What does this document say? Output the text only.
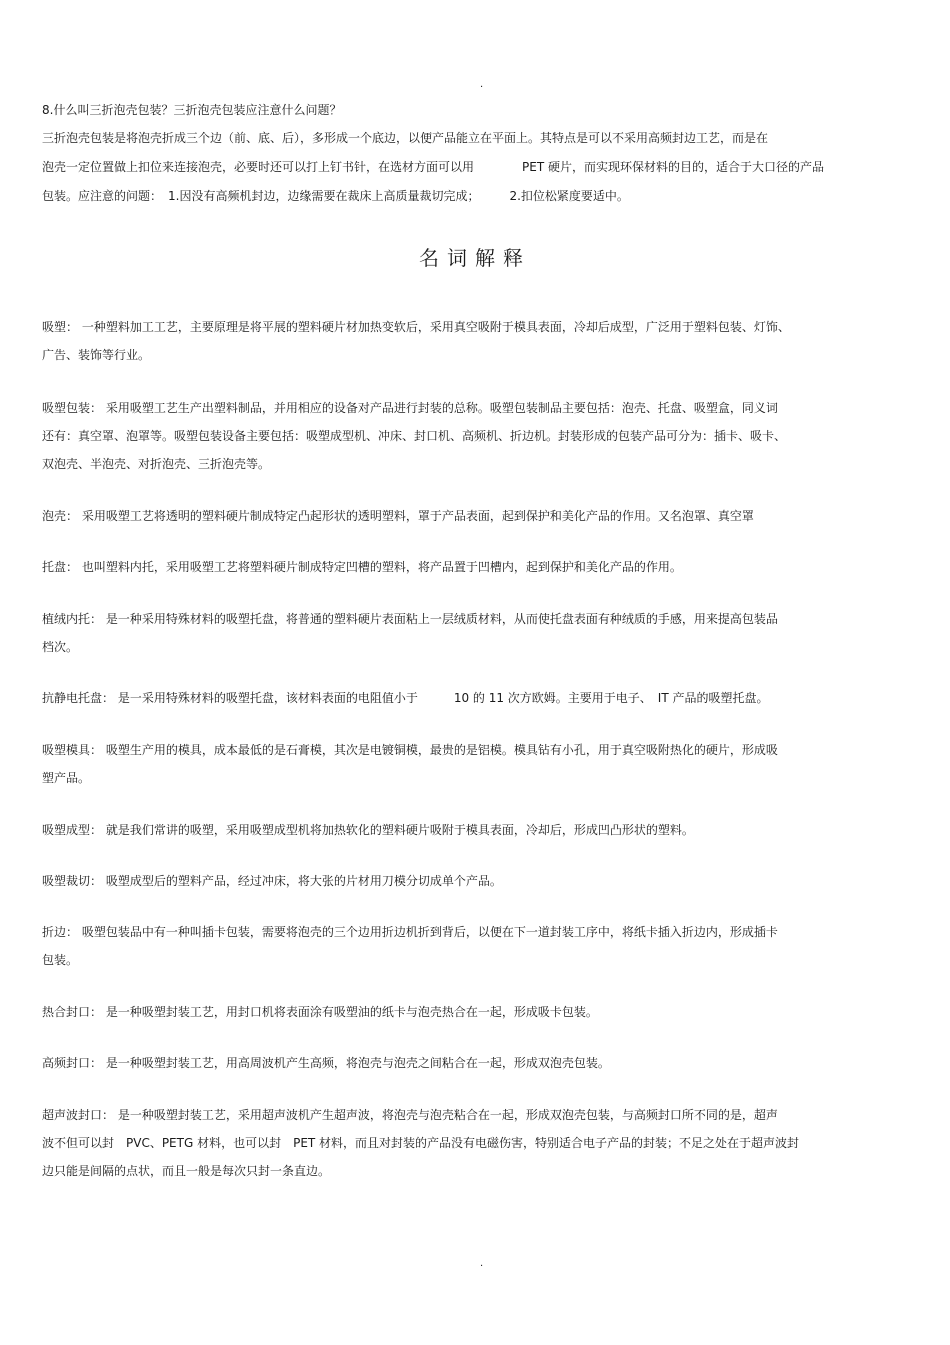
.
8.什么叫三折泡壳包装？三折泡壳包装应注意什么问题？
三折泡壳包装是将泡壳折成三个边（前、底、后），多形成一个底边，以便产品能立在平面上。其特点是可以不采用高频封边工艺，而是在
泡壳一定位置做上扣位来连接泡壳，必要时还可以打上钉书针，在选材方面可以用　　　　PET 硬片，而实现环保材料的目的，适合于大口径的产品
包装。应注意的问题：　1.因没有高频机封边，边缘需要在裁床上高质量裁切完成；　　　2.扣位松紧度要适中。
名词解释
吸塑： 一种塑料加工工艺，主要原理是将平展的塑料硬片材加热变软后，采用真空吸附于模具表面，冷却后成型，广泛用于塑料包装、灯饰、
广告、装饰等行业。
吸塑包装： 采用吸塑工艺生产出塑料制品，并用相应的设备对产品进行封装的总称。吸塑包装制品主要包括：泡壳、托盘、吸塑盒，同义词
还有：真空罩、泡罩等。吸塑包装设备主要包括：吸塑成型机、冲床、封口机、高频机、折边机。封装形成的包装产品可分为：插卡、吸卡、
双泡壳、半泡壳、对折泡壳、三折泡壳等。
泡壳： 采用吸塑工艺将透明的塑料硬片制成特定凸起形状的透明塑料，罩于产品表面，起到保护和美化产品的作用。又名泡罩、真空罩
托盘： 也叫塑料内托，采用吸塑工艺将塑料硬片制成特定凹槽的塑料，将产品置于凹槽内，起到保护和美化产品的作用。
植绒内托： 是一种采用特殊材料的吸塑托盘，将普通的塑料硬片表面粘上一层绒质材料，从而使托盘表面有种绒质的手感，用来提高包装品
档次。
抗静电托盘： 是一采用特殊材料的吸塑托盘，该材料表面的电阻值小于　　　10 的 11 次方欧姆。主要用于电子、　IT 产品的吸塑托盘。
吸塑模具： 吸塑生产用的模具，成本最低的是石膏模，其次是电镀铜模，最贵的是铝模。模具钻有小孔，用于真空吸附热化的硬片，形成吸
塑产品。
吸塑成型： 就是我们常讲的吸塑，采用吸塑成型机将加热软化的塑料硬片吸附于模具表面，冷却后，形成凹凸形状的塑料。
吸塑裁切： 吸塑成型后的塑料产品，经过冲床，将大张的片材用刀模分切成单个产品。
折边： 吸塑包装品中有一种叫插卡包装，需要将泡壳的三个边用折边机折到背后，以便在下一道封装工序中，将纸卡插入折边内，形成插卡
包装。
热合封口： 是一种吸塑封装工艺，用封口机将表面涂有吸塑油的纸卡与泡壳热合在一起，形成吸卡包装。
高频封口： 是一种吸塑封装工艺，用高周波机产生高频，将泡壳与泡壳之间粘合在一起，形成双泡壳包装。
超声波封口： 是一种吸塑封装工艺，采用超声波机产生超声波，将泡壳与泡壳粘合在一起，形成双泡壳包装，与高频封口所不同的是，超声
波不但可以封　PVC、PETG 材料，也可以封　PET 材料，而且对封装的产品没有电磁伤害，特别适合电子产品的封装；不足之处在于超声波封
边只能是间隔的点状，而且一般是每次只封一条直边。
.
